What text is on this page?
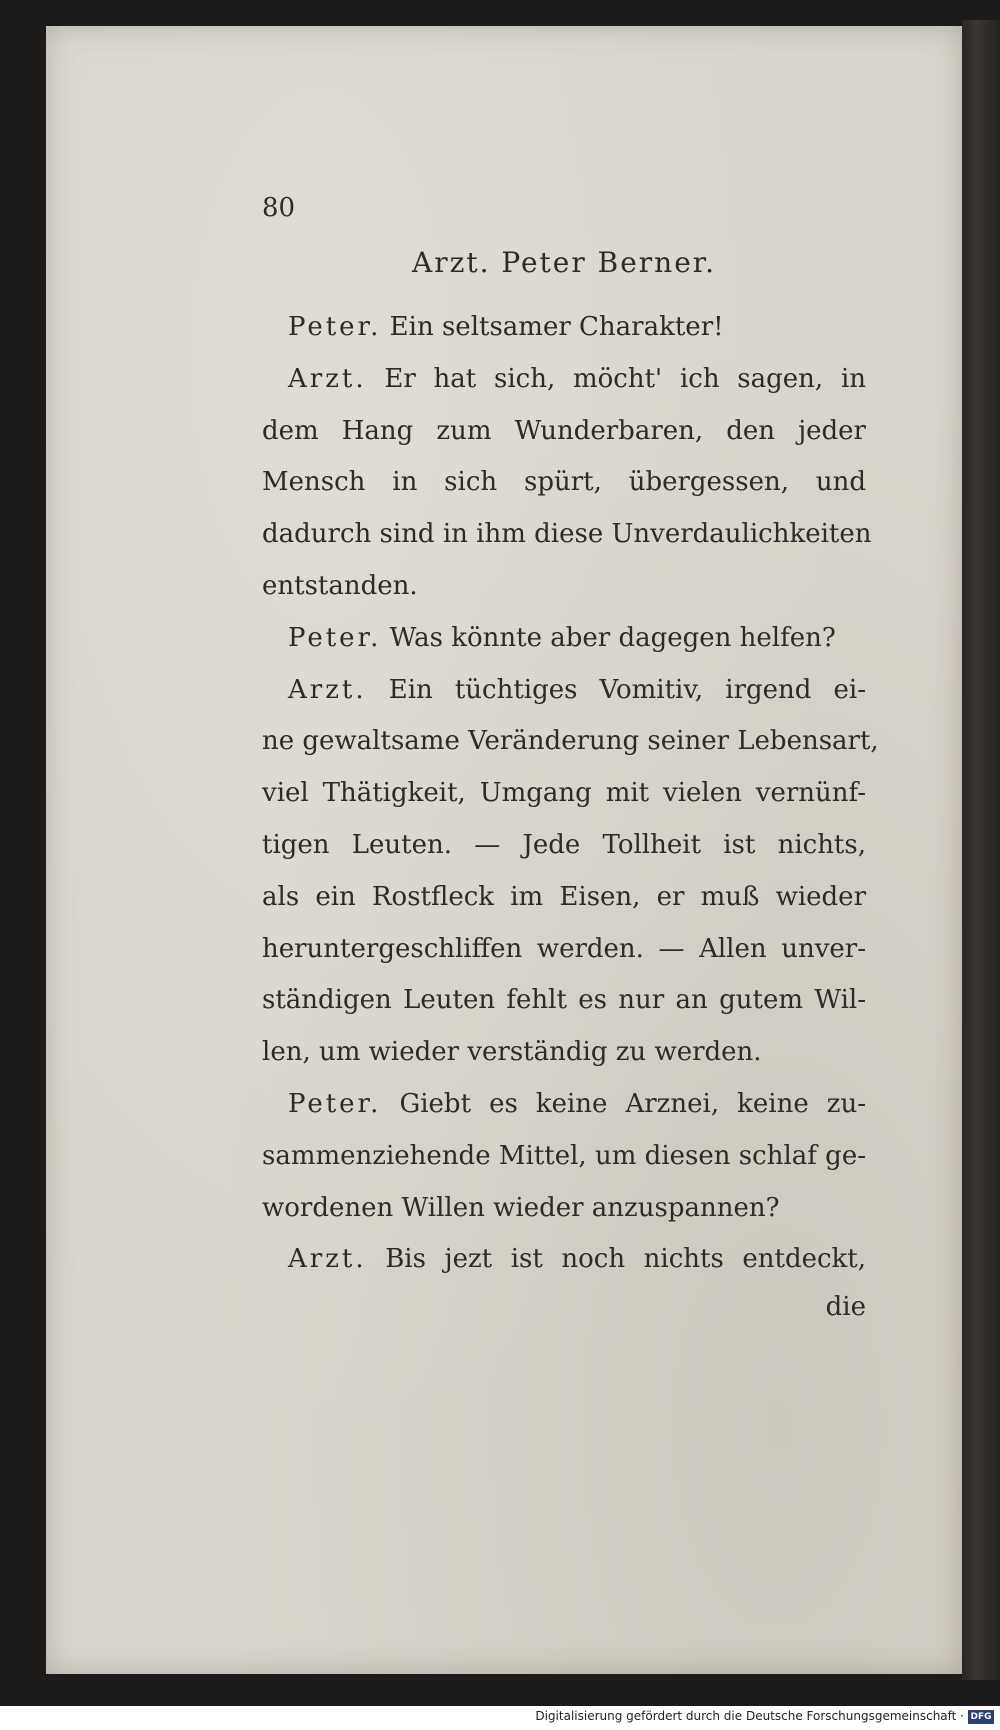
80
Arzt. Peter Berner.
Peter. Ein seltsamer Charakter!
Arzt. Er hat sich, möcht' ich sagen, in
dem Hang zum Wunderbaren, den jeder
Mensch in sich spürt, übergessen, und
dadurch sind in ihm diese Unverdaulichkeiten
entstanden.
Peter. Was könnte aber dagegen helfen?
Arzt. Ein tüchtiges Vomitiv, irgend ei-
ne gewaltsame Veränderung seiner Lebensart,
viel Thätigkeit, Umgang mit vielen vernünf-
tigen Leuten. — Jede Tollheit ist nichts,
als ein Rostfleck im Eisen, er muß wieder
heruntergeschliffen werden. — Allen unver-
ständigen Leuten fehlt es nur an gutem Wil-
len, um wieder verständig zu werden.
Peter. Giebt es keine Arznei, keine zu-
sammenziehende Mittel, um diesen schlaf ge-
wordenen Willen wieder anzuspannen?
Arzt. Bis jezt ist noch nichts entdeckt,
die
Digitalisierung gefördert durch die Deutsche Forschungsgemeinschaft · DFG
